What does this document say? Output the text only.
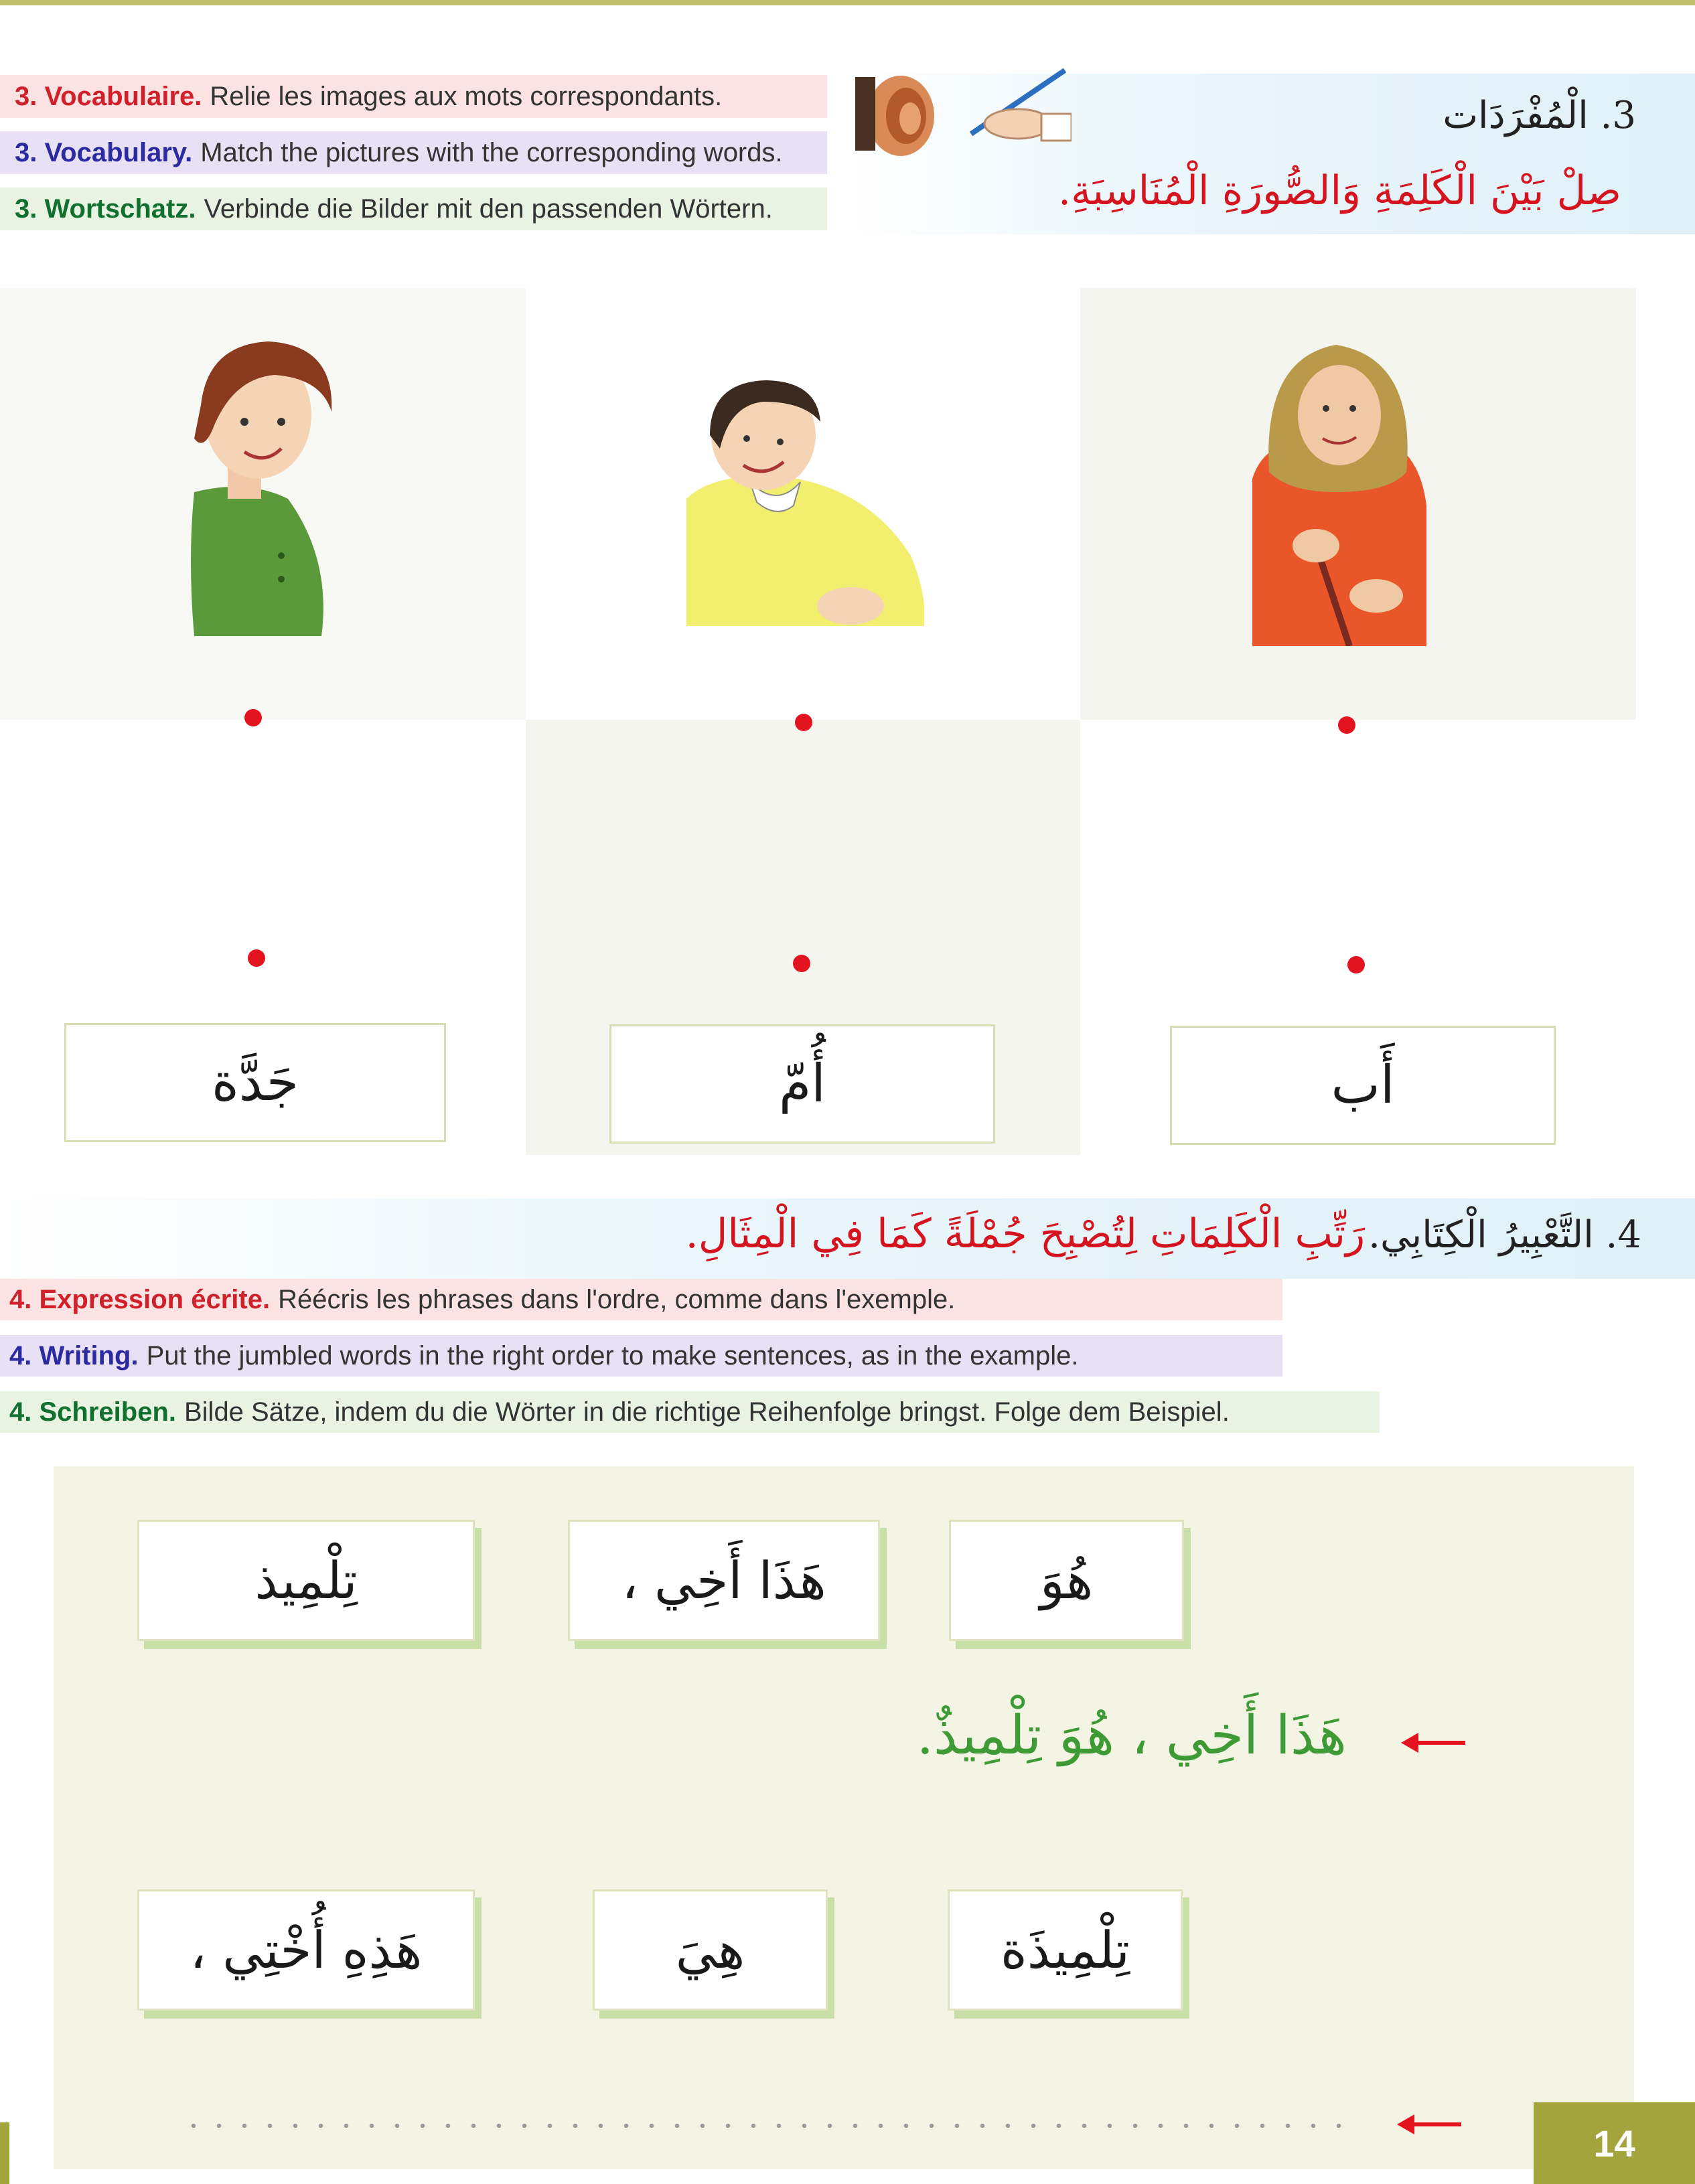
3. Vocabulaire. Relie les images aux mots correspondants.
3. Vocabulary. Match the pictures with the corresponding words.
3. Wortschatz. Verbinde die Bilder mit den passenden Wörtern.
3. الْمُفْرَدَات
صِلْ بَيْنَ الْكَلِمَةِ وَالصُّورَةِ الْمُنَاسِبَةِ.
جَدَّة	أُمّ	أَب
4. التَّعْبِيرُ الْكِتَابِي. رَتِّبِ الْكَلِمَاتِ لِتُصْبِحَ جُمْلَةً كَمَا فِي الْمِثَالِ.
4. Expression écrite. Réécris les phrases dans l'ordre, comme dans l'exemple.
4. Writing. Put the jumbled words in the right order to make sentences, as in the example.
4. Schreiben. Bilde Sätze, indem du die Wörter in die richtige Reihenfolge bringst. Folge dem Beispiel.
تِلْمِيذ	هَذَا أَخِي ،	هُوَ
هَذَا أَخِي ، هُوَ تِلْمِيذٌ.
هَذِهِ أُخْتِي ،	هِيَ	تِلْمِيذَة
14
